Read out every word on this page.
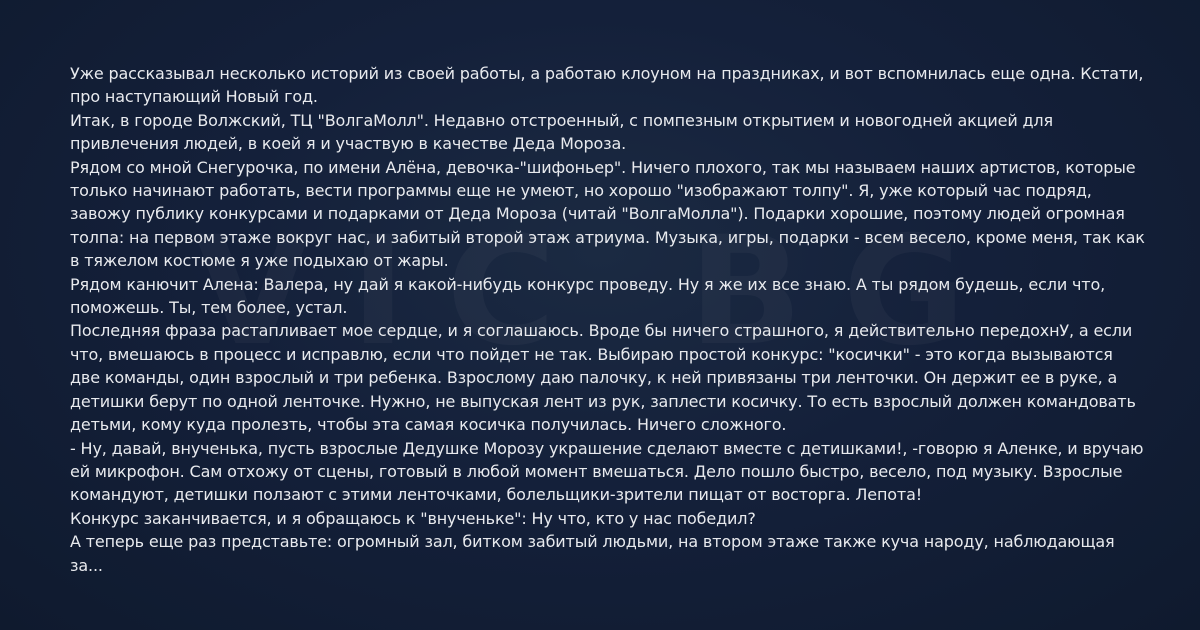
Уже рассказывал несколько историй из своей работы, а работаю клоуном на праздниках, и вот вспомнилась еще одна. Кстати, про наступающий Новый год.

Итак, в городе Волжский, ТЦ "ВолгаМолл". Недавно отстроенный, с помпезным открытием и новогодней акцией для привлечения людей, в коей я и участвую в качестве Деда Мороза.

Рядом со мной Снегурочка, по имени Алёна, девочка-"шифоньер". Ничего плохого, так мы называем наших артистов, которые только начинают работать, вести программы еще не умеют, но хорошо "изображают толпу". Я, уже который час подряд, завожу публику конкурсами и подарками от Деда Мороза (читай "ВолгаМолла"). Подарки хорошие, поэтому людей огромная толпа: на первом этаже вокруг нас, и забитый второй этаж атриума. Музыка, игры, подарки - всем весело, кроме меня, так как в тяжелом костюме я уже подыхаю от жары.

Рядом канючит Алена: Валера, ну дай я какой-нибудь конкурс проведу. Ну я же их все знаю. А ты рядом будешь, если что, поможешь. Ты, тем более, устал.

Последняя фраза растапливает мое сердце, и я соглашаюсь. Вроде бы ничего страшного, я действительно передохнУ, а если что, вмешаюсь в процесс и исправлю, если что пойдет не так. Выбираю простой конкурс: "косички" - это когда вызываются две команды, один взрослый и три ребенка. Взрослому даю палочку, к ней привязаны три ленточки. Он держит ее в руке, а детишки берут по одной ленточке. Нужно, не выпуская лент из рук, заплести косичку. То есть взрослый должен командовать детьми, кому куда пролезть, чтобы эта самая косичка получилась. Ничего сложного.

- Ну, давай, внученька, пусть взрослые Дедушке Морозу украшение сделают вместе с детишками!, -говорю я Аленке, и вручаю ей микрофон. Сам отхожу от сцены, готовый в любой момент вмешаться. Дело пошло быстро, весело, под музыку. Взрослые командуют, детишки ползают с этими ленточками, болельщики-зрители пищат от восторга. Лепота!

Конкурс заканчивается, и я обращаюсь к "внученьке": Ну что, кто у нас победил?

А теперь еще раз представьте: огромный зал, битком забитый людьми, на втором этаже также куча народу, наблюдающая за...
